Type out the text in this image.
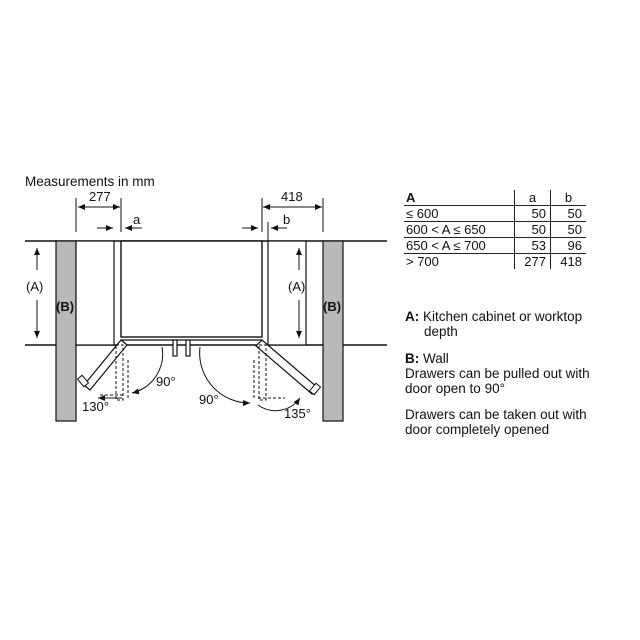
Measurements in mm
277
a
418
b
(A)
(B)
(A)
(B)
130°
90°
90°
135°
A	a	b
≤ 600	50	50
600 < A ≤ 650	50	50
650 < A ≤ 700	53	96
> 700	277	418
A: Kitchen cabinet or worktop
depth
B: Wall
Drawers can be pulled out with
door open to 90°
Drawers can be taken out with
door completely opened
